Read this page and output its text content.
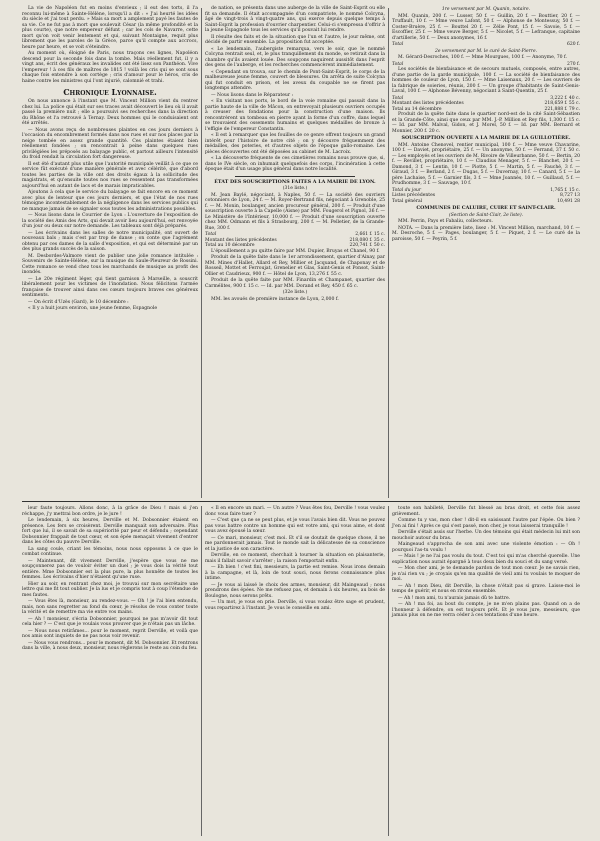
La vie de Napoléon fut en moins d'envieux ; il eut des torts, il l'a reconnu lui-même à Sainte-Hélène, lorsqu'il a dit : « J'ai heurté les idées du siècle et j'ai tout perdu. » Mais sa mort a amplement payé les fautes de sa vie. Ce ne fut pas à mort que soulevait César (la même profondité et la plus courte), que notre empereur défunt ; car les cols de Navarre, cette mort qu'on voit venir lentement et qui, suivant Montaigne, requit plus librement que les paroles de la Grèce, parce qu'il compte aux accrocs, heure par heure, et se voit s'éteindre.

Au moment où, éloigné de Paris, nous traçons ces lignes, Napoléon descend pour la seconde fois dans la tombe. Mais réellement fut, il y a vingt ans, écrit des généraux les invalides ont été lisez son Panthéon. Vive l'empereur ! à ces fils de maîtres de 1815 ! voilà les cris qui se sont sous chaque fois entendre à son cortège ; cris d'amour pour le héros, cris de haine contre les ministres qui l'ont injurié, calomnié et trahi.

Chronique Lyonnaise.

On nous annonce à l'instant que M. Vincent Million vient du rentrer chez lui. La police qui était sur ses traces avait découvert le lieu où il avait passé la première nuit ; elle a poursuivi ses recherches dans la direction du Rhône et l'a retrouvé à Ternay. Deux hommes qui le conduisaient ont été arrêtés.

— Nous avons reçu de nombreuses plaintes en ces jours derniers à l'occasion du encombrement formés dans nos rues et sur nos places par la neige tombée en assez grande quantité. Ces plaintes étaient bien réellement fondées ; on rencontrait à peine dans quelques rues privilégiées les préposés au balayage public, et partout ailleurs l'intensité du froid rendait la circulation fort dangereuse.

Il est été d'autant plus utile que l'autorité municipale veillât à ce que ce service fût exécuté d'une manière générale et avec célérité, que d'abord toutes les parties de la ville ont des droits égaux à la sollicitude des magistrats, et qu'ensuite toutes nos rues se ressentent pas transformées aujourd'hui en autant de lacs et de marais impraticables.

Ajoutons à cela que le service du balayage se fait encore en ce moment avec plus de lenteur que ces jours derniers, et que l'état de nos rues témoigne incontestablement de la négligence dans les services publics qui ne manque jamais de se signaler sous toutes les administrations possibles.

— Nous lisons dans le Courrier de Lyon : L'ouverture de l'exposition de la société des Amis des Arts, qui devait avoir lieu aujourd'hui, est renvoyée d'un jour ou deux sur notre demande. Les tableaux sont déjà préparés.

— Les écrivains dans les salles de notre municipalité, ont ouvert de nouveaux bals ; mais c'est par trop de danse ; on conte que l'agrément obtenu par ces dames de la salle d'exposition, et qui est déterminé par un des plus grands succès de la saison.

M. Desbordes-Valmore vient de publier une jolie romance intitulée : Souvenirs de Sainte-Hélène, sur la musique du Saule-Pleureur de Rossini. Cette romance se vend chez tous les marchands de musique au profit des inondés.

— Le 20e régiment léger, qui tient garnison à Marseille, a souscrit libéralement pour les victimes de l'inondation. Nous félicitons l'armée française de trouver ainsi dans ces cœurs toujours braves ces généreux sentiments.

— On écrit d'Uzès (Gard), le 10 décembre :

« Il y a huit jours environ, une jeune femme, Espagnole

de nation, se présenta dans une auberge de la ville de Saint-Esprit ou elle fit sa demande. Il était accompagnée d'un compatriote, le nommé Colcyna, âgé de vingt-trois à vingt-quatre ans, qui exerce depuis quelque temps à Saint-Esprit la profession d'ouvrier charpentier. Celui-ci s'empressa d'offrir à la jeune Espagnole tous les services qu'il pouvait lui rendre.

Il résulte des faits et de la situation que l'un et l'autre, le jour même, ont décidé de partir ensemble. La proposition fut acceptée.

« Le lendemain, l'aubergiste remarqua, vers le soir, que le nommé Colcyna rentrait seul, et, le plus tranquillement du monde, se retirait dans la chambre qu'ils avaient louée. Des soupçons naquirent aussitôt dans l'esprit des gens de l'auberge, et les recherches commencèrent immédiatement.

« Cependant on trouva, sur le chemin de Pont-Saint-Esprit, le corps de la malheureuse jeune femme, couvert de blessures. On arrêta de suite Colcyna qui fut conduit en prison, et les aveux du coupable ne se firent pas longtemps attendre.

— Nous lisons dans le Réparateur :

« En visitant nos ports, le bord de la voie romaine qui passait dans la partie haute de la ville de Mâcon, on entrevoyait plusieurs ouvriers occupés à creuser des fondations pour la construction d'une maison. Ils rencontrèrent un tombeau en pierre ayant la forme d'un coffre, dans lequel se trouvaient des ossements humains et quelques médailles de bronze à l'effigie de l'empereur Constantin.

« Il est à remarquer que les fouilles de ce genre offrent toujours un grand intérêt pour l'histoire de notre cité ; on y découvre fréquemment des médailles, des poteries, et d'autres objets de l'époque gallo-romaine. Les pièces découvertes ont été déposées au cabinet de M. Lacroix.

« La découverte fréquente de ces cimetières romains nous prouve que, si, dans le IVe siècle, on inhumait quelquefois des corps, l'incinération à cette époque était d'un usage plus général dans notre localité.

ÉTAT DES SOUSCRIPTIONS FAITES A LA MAIRIE DE LYON.
(31e liste.)

M. Jean Baylé, négociant, à Naples, 50 f. — La société des ouvriers cotonniers de Lyon, 24 f. — M. Royer-Bertrand fils, négociant à Grenoble, 25 f. — M. Monin, boulanger, ancien procureur général, 200 f. — Produit d'une souscription ouverte à la Capelle (Aisne) par MM. Fougerol et Pignol, 36 f. — Le Ministère de l'Intérieur, 10,000 f. — Produit d'une souscription ouverte chez MM. Odmann et fils à Strasbourg, 200 f. — M. Pelletier, de la Grande-Rue, 300 f.

Total	2,661 f. 15 c.
Montant des listes précédentes	218,080 f. 35 c.
Total au 10 décembre	220,741 f. 50 c.

L'épouillement a pu quitte faire par MM. Dupier, Bruyas et Chanel, 90 f.

Produit de la quête faite dans le 1er arrondissement, quartier d'Ainay, par MM. Mines d'Hallet, Allard et Rey, Millier et Jacquand, de Chaponay et de Rosseil, Mottet et Ferroujat, Grenelier et Glas, Saint-Genis et Ponsot, Saint-Ollier et Caudrieux, 900 f. — Hôtel de Lyon, 13,276 f. 55 c.

Produit de la quête faite par MM. Finardin et Champanet, quartier des Carmélites, 900 f. 15 c. — Id. par MM. Dorand et Rey, 450 f. 65 c.

(32e liste.)

MM. les avoués de première instance de Lyon, 2,000 f.

1re versement par M. Quanin, notaire.

MM. Quanin, 200 f. — Lusser, 50 f. — Guillin, 20 f. — Bouttier, 20 f. — Truffault, 10 f. — Mme veuve Lafont, 50 f. — Alphonse de Montessuy, 50 f. — Coster-Bruère, 25 f. — Bouttel 20 f. — Zélie Pont, 15 f. — Savoie, 5 f. — Escoffier, 25 f. — Mme veuve Berger, 5 f. — Nicolet, 5 f. — Lefranque, capitaine d'artillerie, 50 f. — Deux anonymes, 16 f.

Total	620 f.
2e versement par M. le curé de Saint-Pierre.

M. Gérard-Desroches, 100 f. — Mme Mourgues, 100 f. — Anonyme, 70 f.

Total	270 f.

Les sociétés de bienfaisance et de secours mutuels, composés, entre autres, d'une partie de la garde municipale, 100 f. — La société de bienfaisance des hommes de couleur de Lyon, 150 f. — Mme Laisenaux, 20 f. — Les ouvriers de la fabrique de soieries, réunis, 200 f. — Un groupe d'habitants de Saint-Genis-Laval, 100 f. — Alphonse Bévenny, négociant à Saint-Quentin, 25 f.

Total	3,222 f. 40 c.
Montant des listes précédentes	218,659 f. 55 c.
Total au 14 décembre	221,888 f. 79 c.

Produit de la quête faite dans le quartier nord-est de la cité Saint-Sébastien et la Grande-Côte, ainsi que ceux par MM. J.-P. Million et Rey fils, 1,300 f. 15 c. — Id. par MM. Malval, Gidon, et J. Morel, 50 f. — Id. par MM. Bernard et Monnier, 200 f. 20 c.

SOUSCRIPTION OUVERTE A LA MAIRIE DE LA GUILLOTIÈRE.

MM. Antoine Chenovel, rentier municipal, 100 f. — Mme veuve Chavarine, 100 f. — Daviet, propriétaire, 25 f. — Un anonyme, 50 f. — Ferrand, 37 f. 50 c. — Les employés et les ouvriers de M. Rivoire de Villeurbanne, 50 f. — Bertin, 20 f. — Revillet, propriétaire, 10 f. — Claudius Menager, 5 f. — Blanchet, 20 f. — Damond, 3 f. — Lentin, 10 f. — Piotte, 5 f. — Martin, 5 f. — Fauché, 3 f. — Giraud, 3 f. — Berland, 2 f. — Dugas, 5 f. — Duvernay, 10 f. — Canard, 5 f. — Le père Lachaise, 5 f. — Garnier fils, 3 f. — Mme Joannès, 10 f. — Guillaud, 5 f. — Prudhomme, 3 f. — Sauvage, 10 f.

Total du jour	1,765 f. 15 c.
Listes précédentes	8,727 13
Total général	10,491 28
COMMUNES DE CALUIRE, CUIRE ET SAINT-CLAIR.
(Section de Saint-Clair, 2e liste).

MM. Perrin, Pays et Fabaliu, collecteurs.

NOTA. — Dans la première liste, lisez : M. Vincent Million, marchand, 10 f. — M. Desroche, 5 f. — Pages, boulanger, 5 f. — Piquet, 2 f. — Le curé de la paroisse, 50 f. — Peyrin, 5 f.

leur faute toujours. Allons donc, à la grâce de Dieu ! mais si j'en réchappe, j'y mettrai bon ordre, je le jure !

Le lendemain, à six heures, Derville et M. Dobsonnier étaient en présence. Les fers se croisèrent. Derville manquait son adversaire. Plus fort que lui, il se savait de sa supériorité par peur et défendu ; cependant Dobsonnier frappait de tout cœur, et son épée menaçait vivement d'entrer dans les côtes du pauvre Derville.

La sang coule, criant les témoins, nous nous opposons à ce que le combat continue.

— Maintenant, dit vivement Derville, j'espère que vous ne me soupçonnerez pas de vouloir éviter un duel ; je vous dois la vérité tout entière. Mme Dobsonnier est la plus pure, la plus honnête de toutes les femmes. Les écrivains d'hier n'étaient qu'une ruse.

Hier au soir, en rentrant chez moi, je trouvai sur mon secrétaire une lettre qui me fit tout oublier. Je la lus et je compris tout à coup l'étendue de mes fautes.

— Vous êtes là, monsieur, au rendez-vous. — Oh ! je l'ai bien entendu, mais, non sans regretter au fond du cœur, je résolus de vous conter toute la vérité et de remettre ma vie entre vos mains.

— Ah ! monsieur, s'écria Dobsonnier, pourquoi ne pas m'avoir dit tout cela hier ? — C'est que je voulais vous prouver que je n'étais pas un lâche.

— Nous nous retirâmes... pour le moment, reprit Derville, et voilà que nos amis sont inquiets de ne pas nous voir revenir.

— Nous vous rendrons... pour le moment, dit M. Dobsonnier. Et rentrons dans la ville, à nous deux, monsieur, nous réglerons le reste au coin du feu.

« Il en encore un mari. — Un autre ? Vous êtes fou, Derville ! vous voulez donc vous faire tuer ?

— C'est que ça ne se peut plus, et je vous l'avais bien dit. Vous ne pouvez pas vous battre contre un homme qui est votre ami, qui vous aime, et dont vous avez épousé la sœur.

— Ce mari, monsieur, c'est moi. Et s'il se doutait de quelque chose, il ne me pardonnerait jamais. Tout le monde sait la délicatesse de sa conscience et la justice de son caractère.

Derville, en ce moment, cherchait à tourner la situation en plaisanterie, mais il fallait savoir s'arrêter ; la raison l'emportait enfin.

— Eh bien ! c'est fini, messieurs, la partie est remise. Nous irons demain à la campagne, et là, loin de tout souci, nous ferons connaissance plus intime.

— Je vous ai laissé le choix des armes, monsieur, dit Maingeaud ; nous prendrons des épées. Ne me refusez pas, et demain à six heures, au bois de Boulogne, nous serons prêts.

— Un mot, je vous en prie. Derville, si vous voulez être sage et prudent, vous repartirez à l'instant. Je vous le conseille en ami.

toute son habileté, Derville fut blessé au bras droit, et cette fois assez grièvement.

Comme tu y vas, mon cher ! dit-il en saisissant l'autre par l'épée. Ou bien ? J'en ai fini ! Après ce qui s'est passé, mon cher, je vous laisserai tranquille !

Derville s'était assis sur l'herbe. Un des témoins qui était médecin lui mit son mouchoir autour du bras.

Maingeaud s'approcha de son ami avec une violente émotion : — Oh ! pourquoi l'as-tu voulu !

— Mais ! je ne l'ai pas voulu du tout. C'est toi qui m'as cherché querelle. Une explication nous aurait épargné à tous deux bien du souci et du sang versé.

— Mon cher ami, je te demande pardon de tout mon cœur. Je ne savais rien, je n'ai rien vu ; je croyais qu'en ma qualité de vieil ami tu voulais te moquer de moi.

— Ah ! mon Dieu, dit Derville, la chose n'était pas si grave. Laisse-moi le temps de guérir, et nous en rirons ensemble.

— Ah ! mon ami, tu n'aurais jamais dû te battre.

— Ah ! ma foi, au bout du compte, je ne m'en plains pas. Quand on a de l'honneur à défendre, on est toujours prêt. Et je vous jure, messieurs, que jamais plus on ne me verra céder à ces tentations d'une heure.
